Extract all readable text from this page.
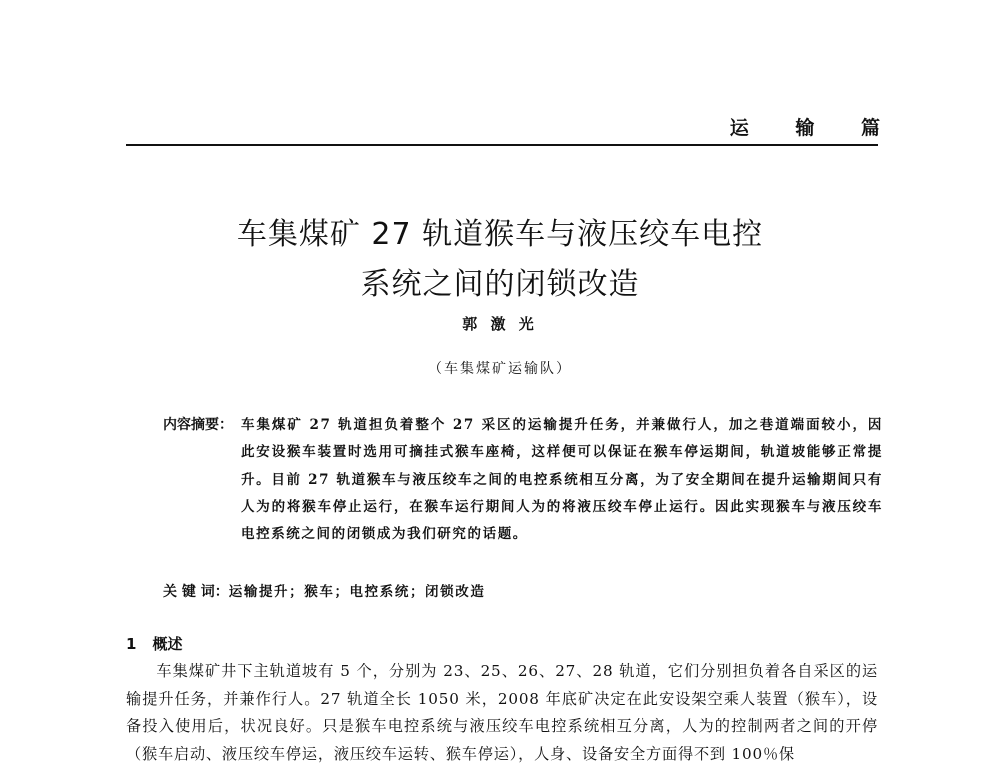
运 输 篇
车集煤矿 27 轨道猴车与液压绞车电控
系统之间的闭锁改造
郭 激 光
（车集煤矿运输队）
内容摘要： 车集煤矿 27 轨道担负着整个 27 采区的运输提升任务，并兼做行人，加之巷道端面较小，因此安设猴车装置时选用可摘挂式猴车座椅，这样便可以保证在猴车停运期间，轨道坡能够正常提升。目前 27 轨道猴车与液压绞车之间的电控系统相互分离，为了安全期间在提升运输期间只有人为的将猴车停止运行，在猴车运行期间人为的将液压绞车停止运行。因此实现猴车与液压绞车电控系统之间的闭锁成为我们研究的话题。
关 键 词：运输提升；猴车；电控系统；闭锁改造
1 概述
车集煤矿井下主轨道坡有 5 个，分别为 23、25、26、27、28 轨道，它们分别担负着各自采区的运输提升任务，并兼作行人。27 轨道全长 1050 米，2008 年底矿决定在此安设架空乘人装置（猴车），设备投入使用后，状况良好。只是猴车电控系统与液压绞车电控系统相互分离，人为的控制两者之间的开停（猴车启动、液压绞车停运，液压绞车运转、猴车停运），人身、设备安全方面得不到 100％保
